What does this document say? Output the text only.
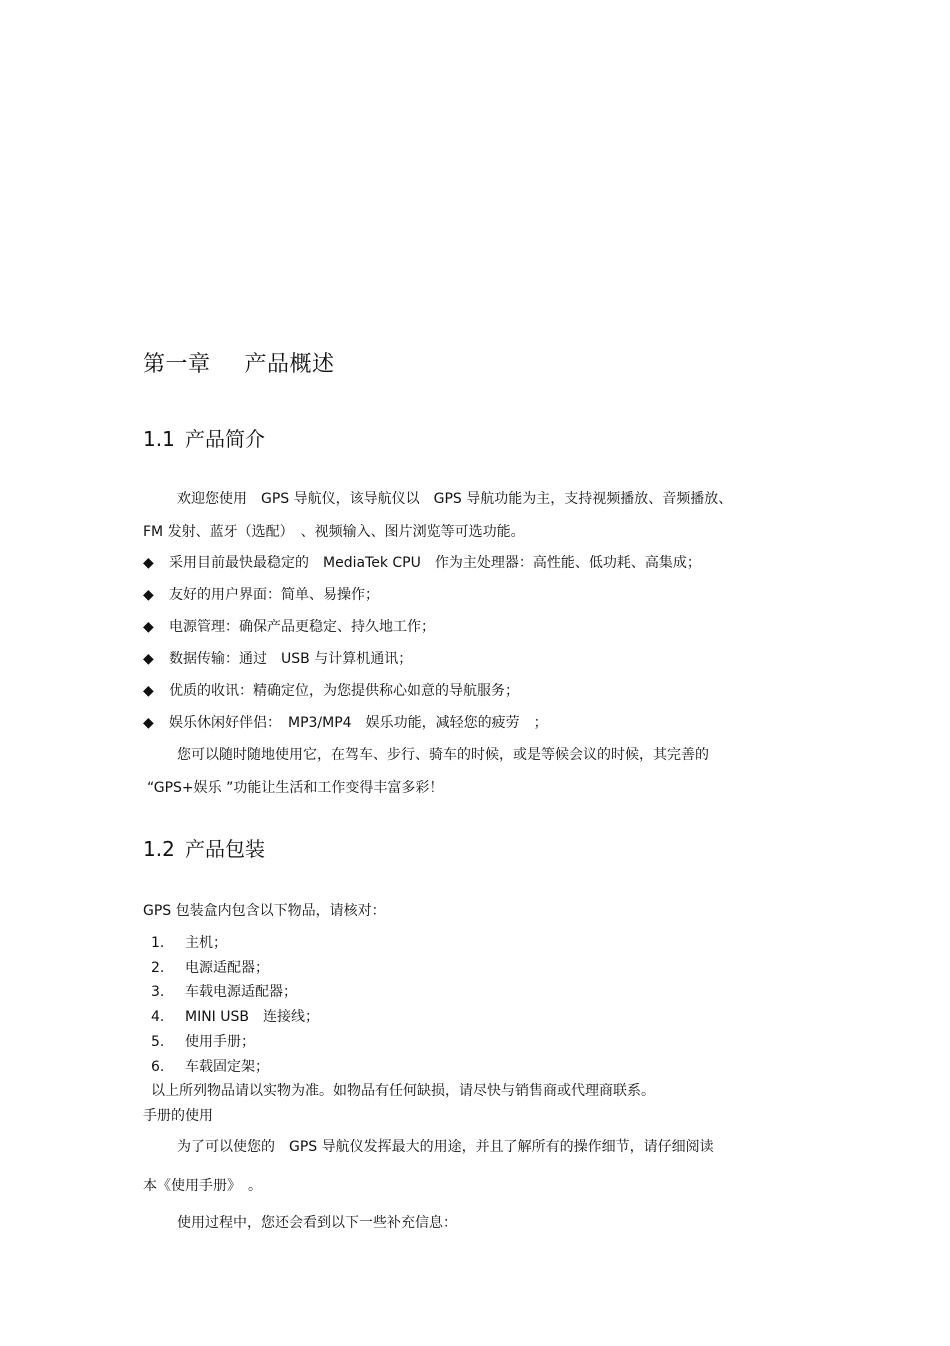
第一章 产品概述
1.1 产品简介
欢迎您使用　GPS 导航仪，该导航仪以　GPS 导航功能为主，支持视频播放、音频播放、
FM 发射、蓝牙（选配）　、视频输入、图片浏览等可选功能。
◆ 采用目前最快最稳定的　MediaTek CPU　作为主处理器：高性能、低功耗、高集成；
◆ 友好的用户界面：简单、易操作；
◆ 电源管理：确保产品更稳定、持久地工作；
◆ 数据传输：通过　USB 与计算机通讯；
◆ 优质的收讯：精确定位，为您提供称心如意的导航服务；
◆ 娱乐休闲好伴侣：　MP3/MP4　娱乐功能，减轻您的疲劳　；
您可以随时随地使用它，在驾车、步行、骑车的时候，或是等候会议的时候，其完善的
“GPS+娱乐 ”功能让生活和工作变得丰富多彩！
1.2 产品包装
GPS 包装盒内包含以下物品，请核对：
1. 主机；
2. 电源适配器；
3. 车载电源适配器；
4. MINI USB　连接线；
5. 使用手册；
6. 车载固定架；
以上所列物品请以实物为准。如物品有任何缺损，请尽快与销售商或代理商联系。
手册的使用
为了可以使您的　GPS 导航仪发挥最大的用途，并且了解所有的操作细节，请仔细阅读
本《使用手册》　。
使用过程中，您还会看到以下一些补充信息：
